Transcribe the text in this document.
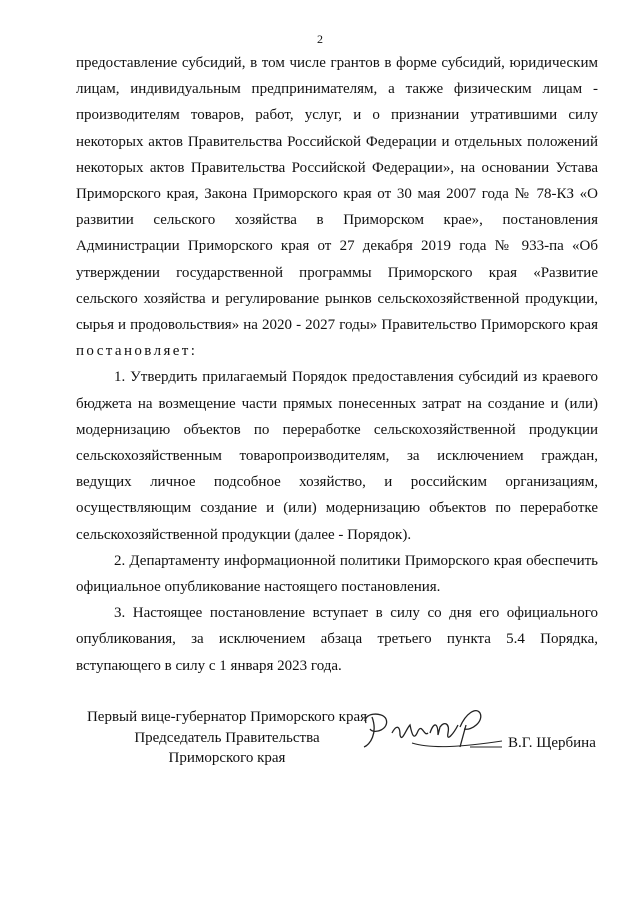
2

предоставление субсидий, в том числе грантов в форме субсидий, юридическим лицам, индивидуальным предпринимателям, а также физическим лицам - производителям товаров, работ, услуг, и о признании утратившими силу некоторых актов Правительства Российской Федерации и отдельных положений некоторых актов Правительства Российской Федерации», на основании Устава Приморского края, Закона Приморского края от 30 мая 2007 года № 78-КЗ «О развитии сельского хозяйства в Приморском крае», постановления Администрации Приморского края от 27 декабря 2019 года № 933-па «Об утверждении государственной программы Приморского края «Развитие сельского хозяйства и регулирование рынков сельскохозяйственной продукции, сырья и продовольствия» на 2020 - 2027 годы» Правительство Приморского края постановляет:

1. Утвердить прилагаемый Порядок предоставления субсидий из краевого бюджета на возмещение части прямых понесенных затрат на создание и (или) модернизацию объектов по переработке сельскохозяйственной продукции сельскохозяйственным товаропроизводителям, за исключением граждан, ведущих личное подсобное хозяйство, и российским организациям, осуществляющим создание и (или) модернизацию объектов по переработке сельскохозяйственной продукции (далее - Порядок).

2. Департаменту информационной политики Приморского края обеспечить официальное опубликование настоящего постановления.

3. Настоящее постановление вступает в силу со дня его официального опубликования, за исключением абзаца третьего пункта 5.4 Порядка, вступающего в силу с 1 января 2023 года.

Первый вице-губернатор Приморского края
Председатель Правительства
Приморского края
В.Г. Щербина
